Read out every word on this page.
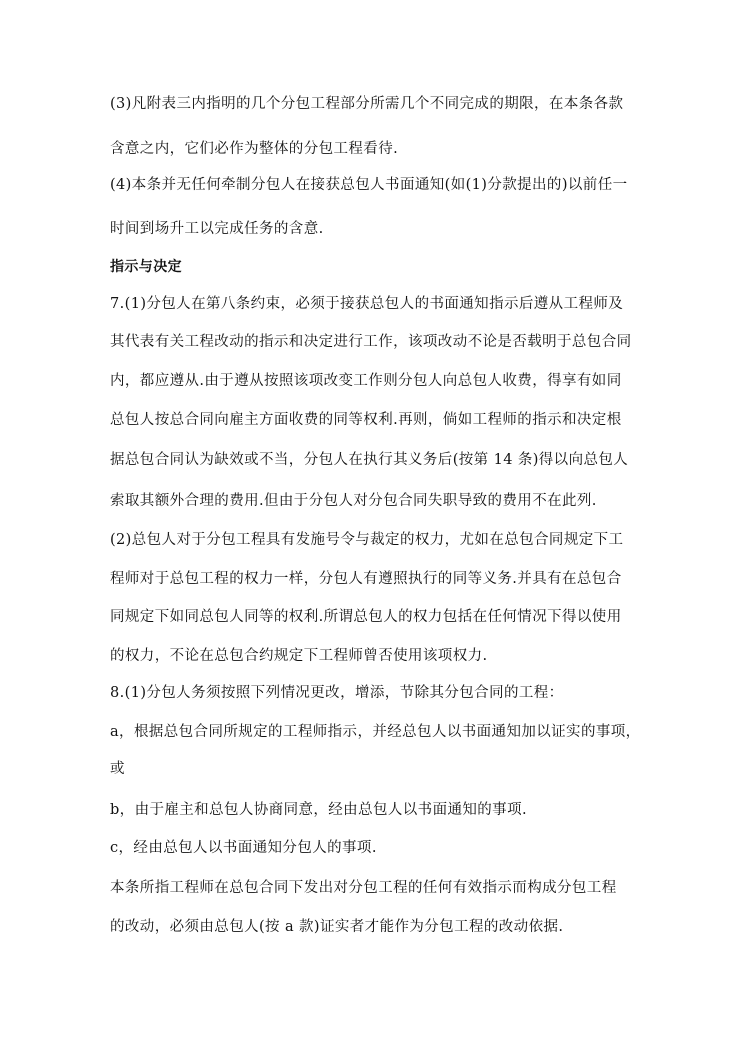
(3)凡附表三内指明的几个分包工程部分所需几个不同完成的期限，在本条各款
含意之内，它们必作为整体的分包工程看待.
(4)本条并无任何牵制分包人在接获总包人书面通知(如(1)分款提出的)以前任一
时间到场升工以完成任务的含意.
指示与决定
7.(1)分包人在第八条约束，必须于接获总包人的书面通知指示后遵从工程师及
其代表有关工程改动的指示和决定进行工作，该项改动不论是否载明于总包合同
内，都应遵从.由于遵从按照该项改变工作则分包人向总包人收费，得享有如同
总包人按总合同向雇主方面收费的同等权利.再则，倘如工程师的指示和决定根
据总包合同认为缺效或不当，分包人在执行其义务后(按第 14 条)得以向总包人
索取其额外合理的费用.但由于分包人对分包合同失职导致的费用不在此列.
(2)总包人对于分包工程具有发施号令与裁定的权力，尤如在总包合同规定下工
程师对于总包工程的权力一样，分包人有遵照执行的同等义务.并具有在总包合
同规定下如同总包人同等的权利.所谓总包人的权力包括在任何情况下得以使用
的权力，不论在总包合约规定下工程师曾否使用该项权力.
8.(1)分包人务须按照下列情况更改，增添，节除其分包合同的工程：
a，根据总包合同所规定的工程师指示，并经总包人以书面通知加以证实的事项，
或
b，由于雇主和总包人协商同意，经由总包人以书面通知的事项.
c，经由总包人以书面通知分包人的事项.
本条所指工程师在总包合同下发出对分包工程的任何有效指示而构成分包工程
的改动，必须由总包人(按 a 款)证实者才能作为分包工程的改动依据.
